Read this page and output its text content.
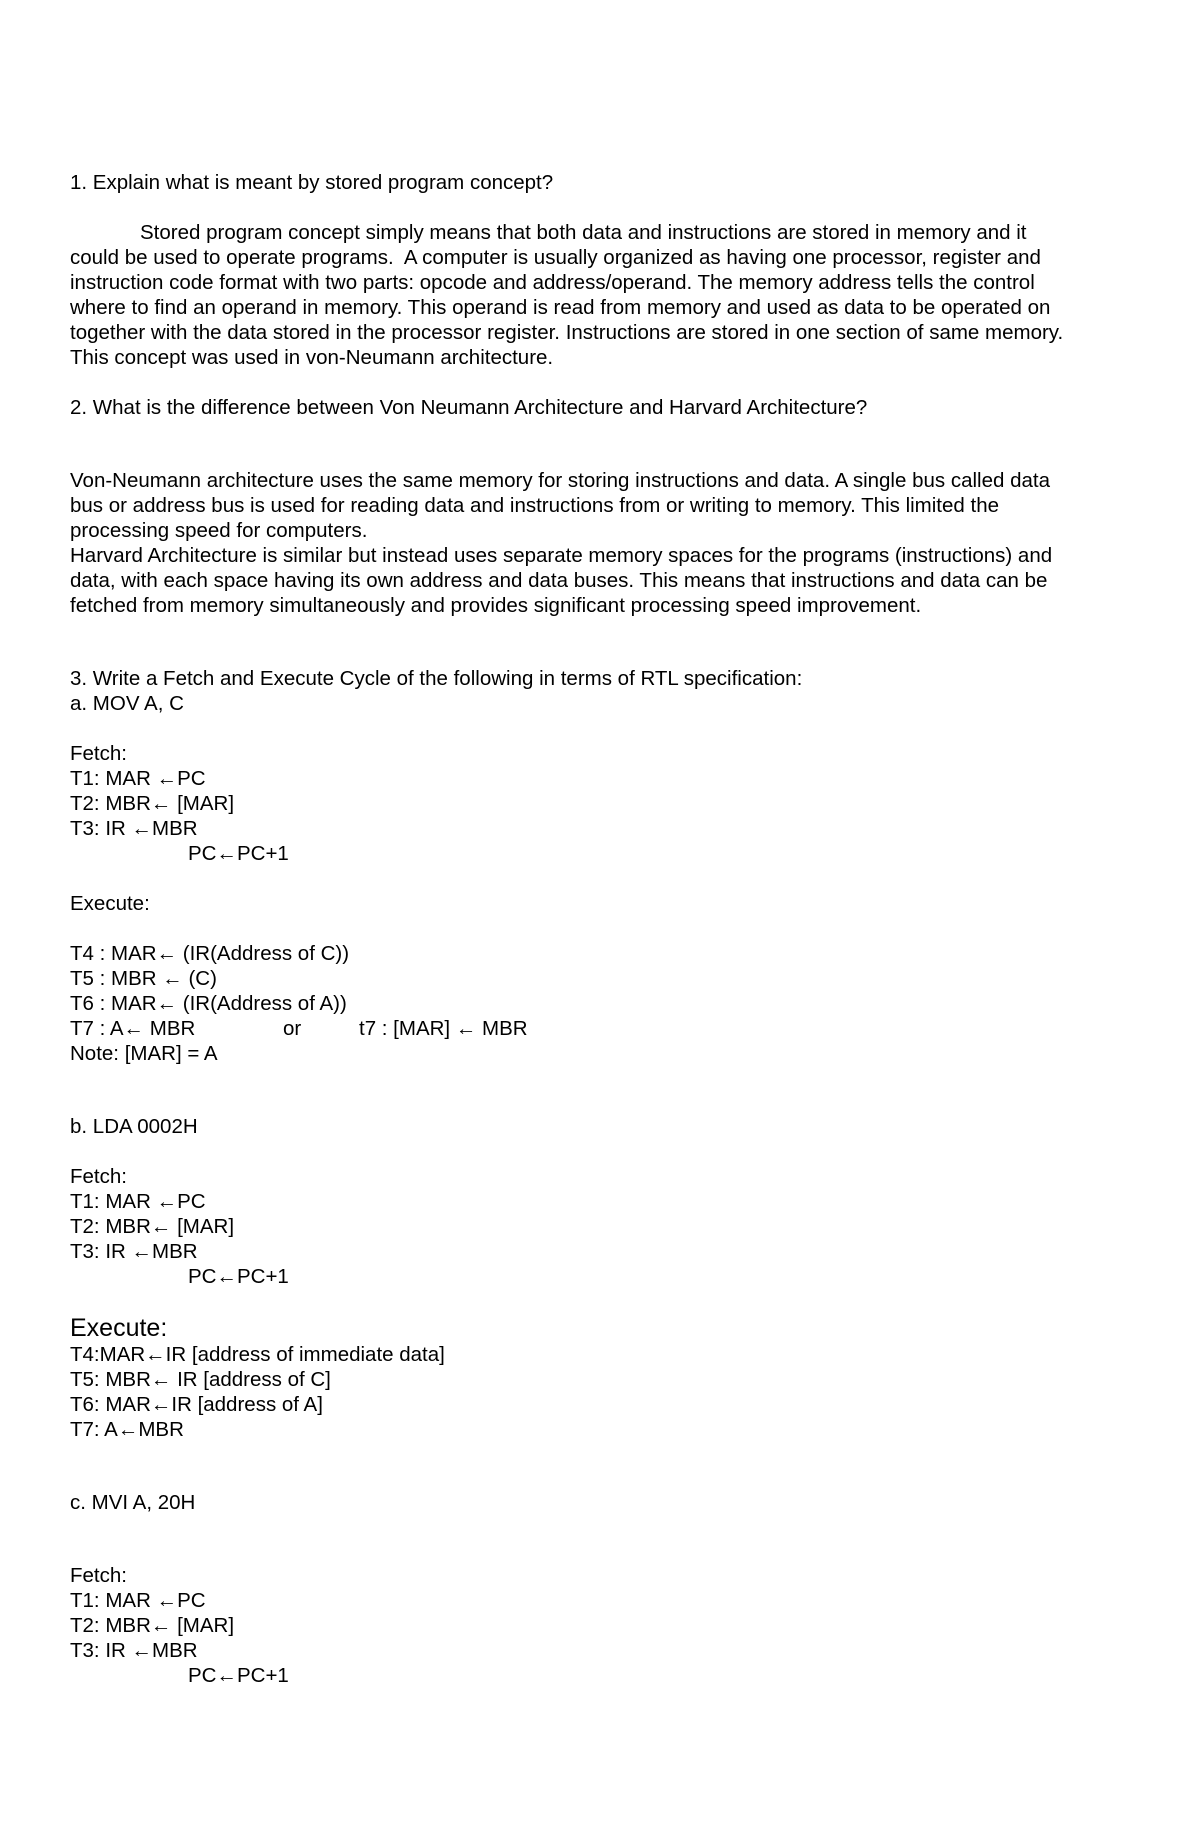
1. Explain what is meant by stored program concept?

Stored program concept simply means that both data and instructions are stored in memory and it

could be used to operate programs.  A computer is usually organized as having one processor, register and

instruction code format with two parts: opcode and address/operand. The memory address tells the control

where to find an operand in memory. This operand is read from memory and used as data to be operated on

together with the data stored in the processor register. Instructions are stored in one section of same memory.

This concept was used in von-Neumann architecture.

2. What is the difference between Von Neumann Architecture and Harvard Architecture?

Von-Neumann architecture uses the same memory for storing instructions and data. A single bus called data

bus or address bus is used for reading data and instructions from or writing to memory. This limited the

processing speed for computers.

Harvard Architecture is similar but instead uses separate memory spaces for the programs (instructions) and

data, with each space having its own address and data buses. This means that instructions and data can be

fetched from memory simultaneously and provides significant processing speed improvement.

3. Write a Fetch and Execute Cycle of the following in terms of RTL specification:

a. MOV A, C

Fetch:

T1: MAR ←PC

T2: MBR← [MAR]

T3: IR ←MBR

PC←PC+1

Execute:

T4 : MAR← (IR(Address of C))

T5 : MBR ← (C)

T6 : MAR← (IR(Address of A))

T7 : A← MBR	or	t7 : [MAR] ← MBR

Note: [MAR] = A

b. LDA 0002H

Fetch:

T1: MAR ←PC

T2: MBR← [MAR]

T3: IR ←MBR

PC←PC+1

Execute:

T4:MAR←IR [address of immediate data]

T5: MBR← IR [address of C]

T6: MAR←IR [address of A]

T7: A←MBR

c. MVI A, 20H

Fetch:

T1: MAR ←PC

T2: MBR← [MAR]

T3: IR ←MBR

PC←PC+1
